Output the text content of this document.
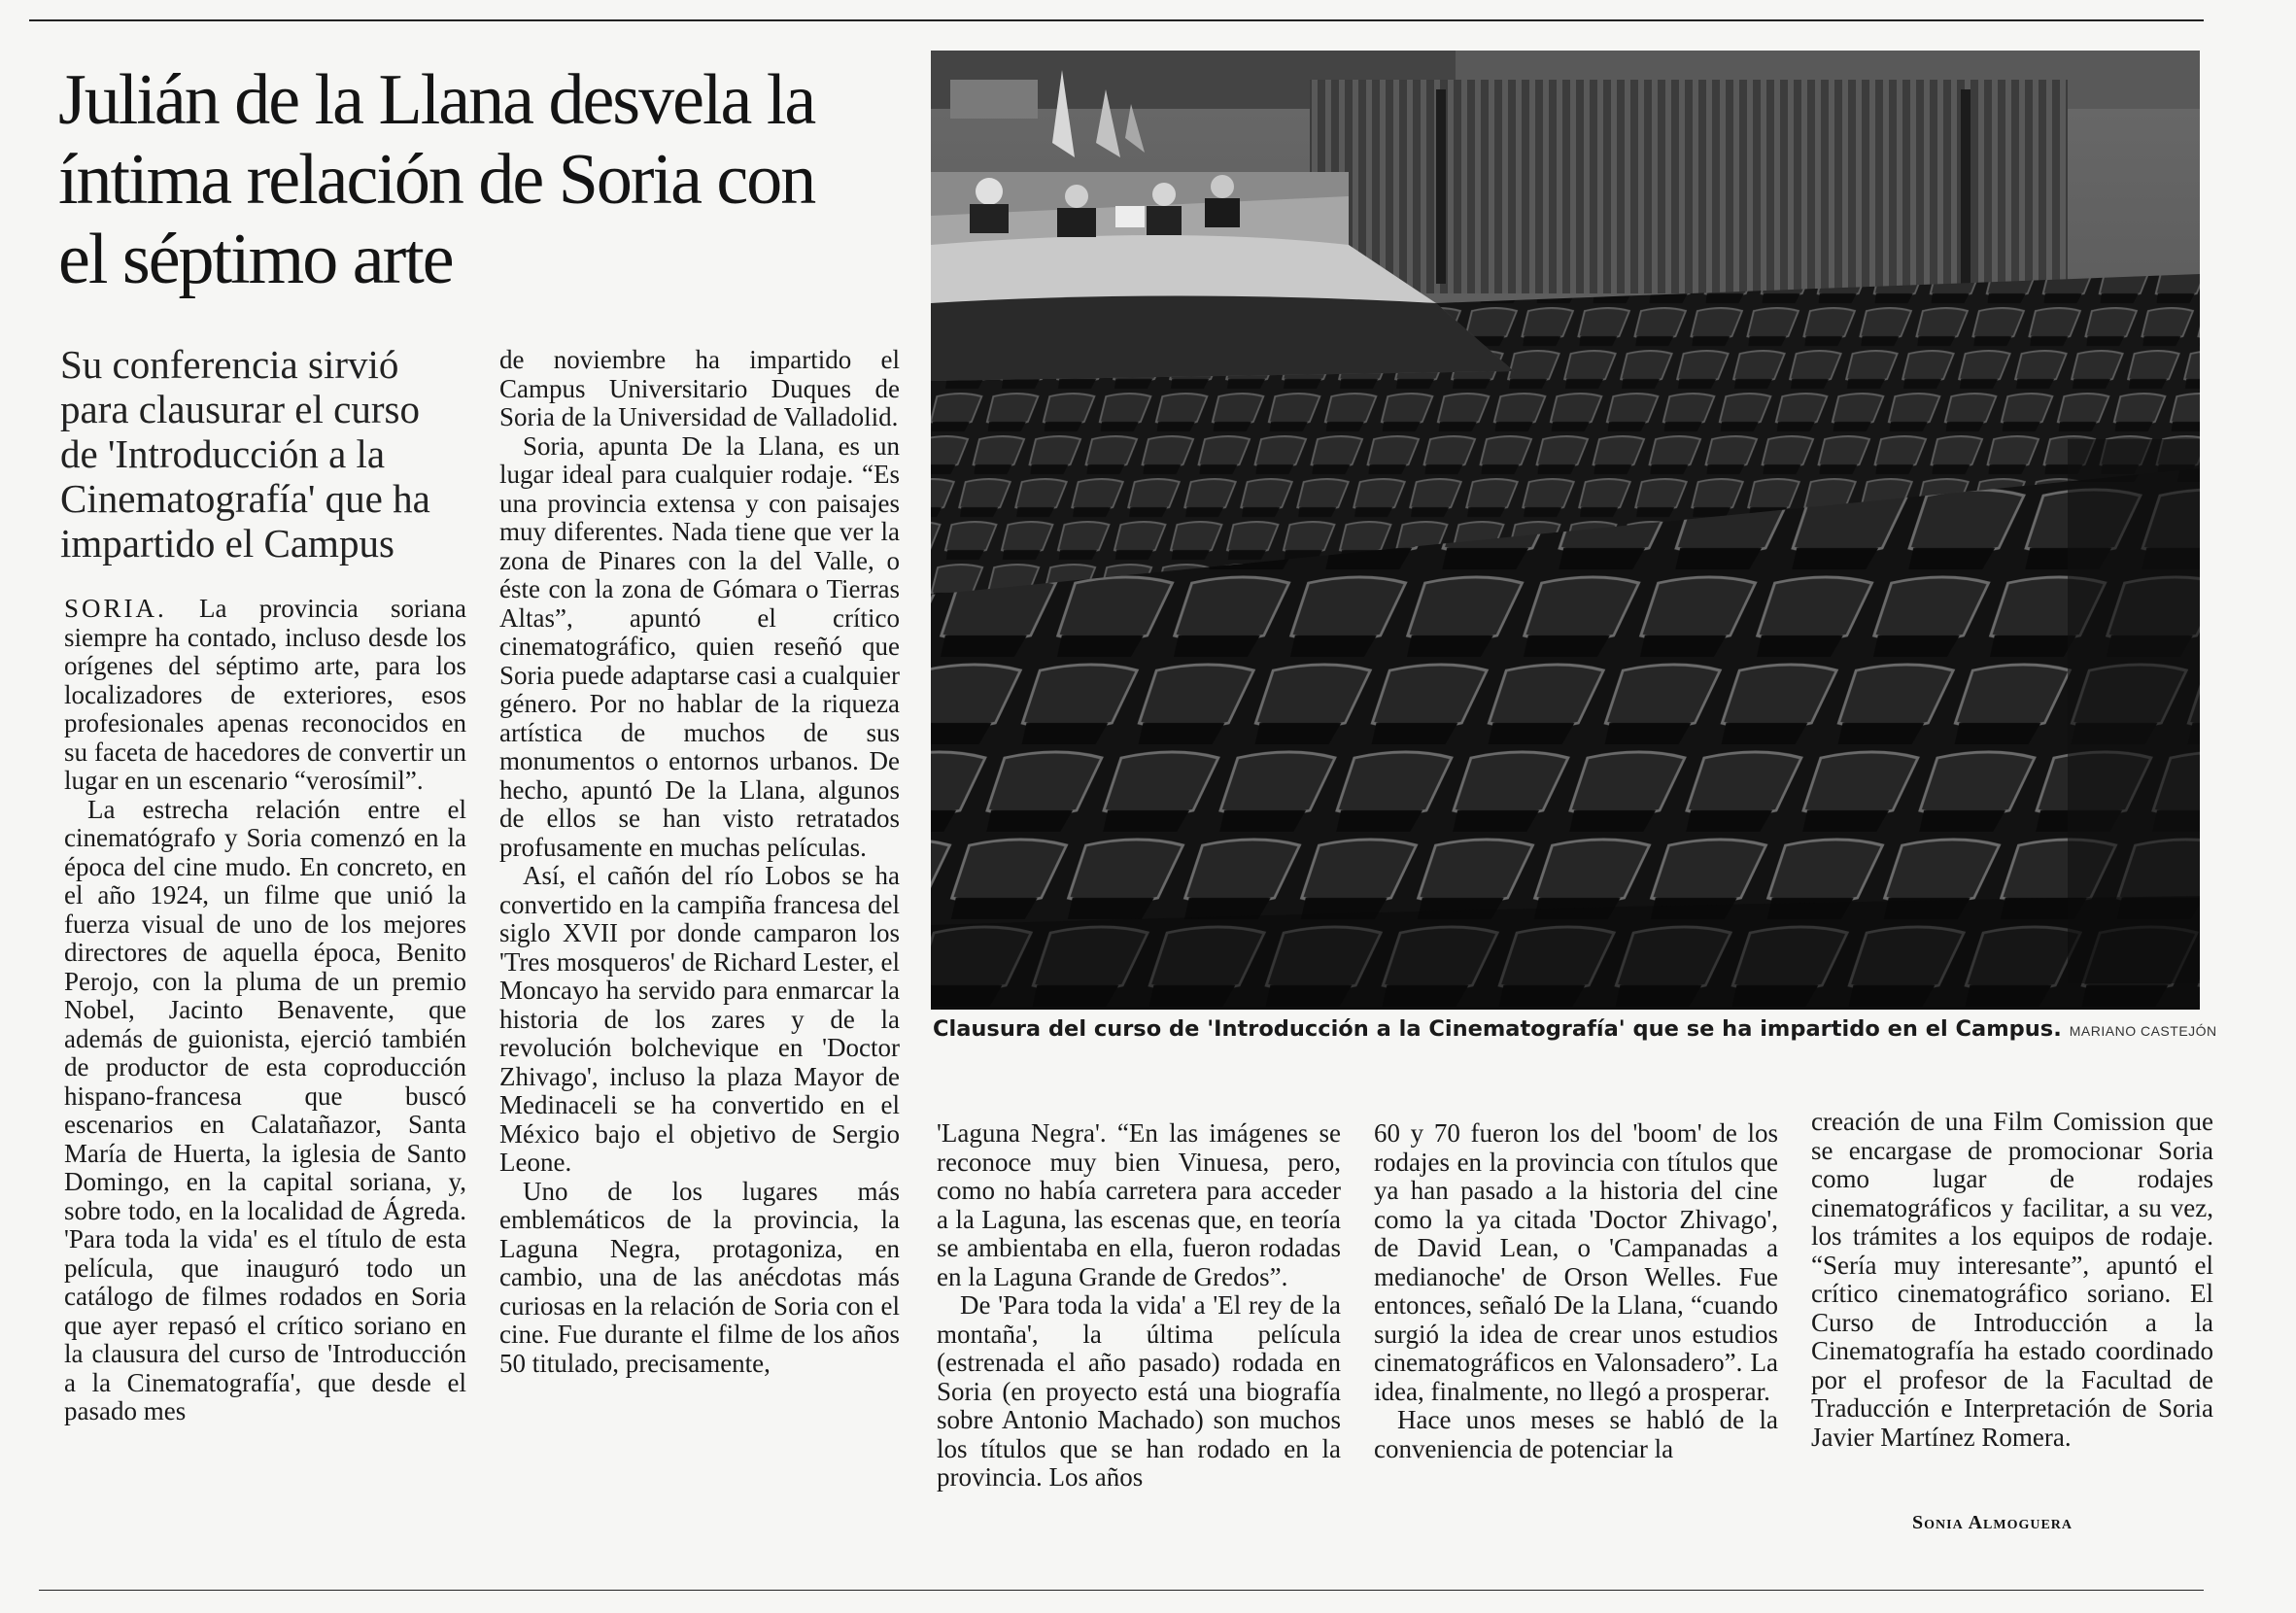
Julián de la Llana desvela la íntima relación de Soria con el séptimo arte

Su conferencia sirvió para clausurar el curso de 'Introducción a la Cinematografía' que ha impartido el Campus

SORIA. La provincia soriana siempre ha contado, incluso desde los orígenes del séptimo arte, para los localizadores de exteriores, esos profesionales apenas reconocidos en su faceta de hacedores de convertir un lugar en un escenario “verosímil”.

La estrecha relación entre el cinematógrafo y Soria comenzó en la época del cine mudo. En concreto, en el año 1924, un filme que unió la fuerza visual de uno de los mejores directores de aquella época, Benito Perojo, con la pluma de un premio Nobel, Jacinto Benavente, que además de guionista, ejerció también de productor de esta coproducción hispano-francesa que buscó escenarios en Calatañazor, Santa María de Huerta, la iglesia de Santo Domingo, en la capital soriana, y, sobre todo, en la localidad de Ágreda. 'Para toda la vida' es el título de esta película, que inauguró todo un catálogo de filmes rodados en Soria que ayer repasó el crítico soriano en la clausura del curso de 'Introducción a la Cinematografía', que desde el pasado mes

de noviembre ha impartido el Campus Universitario Duques de Soria de la Universidad de Valladolid.

Soria, apunta De la Llana, es un lugar ideal para cualquier rodaje. “Es una provincia extensa y con paisajes muy diferentes. Nada tiene que ver la zona de Pinares con la del Valle, o éste con la zona de Gómara o Tierras Altas”, apuntó el crítico cinematográfico, quien reseñó que Soria puede adaptarse casi a cualquier género. Por no hablar de la riqueza artística de muchos de sus monumentos o entornos urbanos. De hecho, apuntó De la Llana, algunos de ellos se han visto retratados profusamente en muchas películas.

Así, el cañón del río Lobos se ha convertido en la campiña francesa del siglo XVII por donde camparon los 'Tres mosqueros' de Richard Lester, el Moncayo ha servido para enmarcar la historia de los zares y de la revolución bolchevique en 'Doctor Zhivago', incluso la plaza Mayor de Medinaceli se ha convertido en el México bajo el objetivo de Sergio Leone.

Uno de los lugares más emblemáticos de la provincia, la Laguna Negra, protagoniza, en cambio, una de las anécdotas más curiosas en la relación de Soria con el cine. Fue durante el filme de los años 50 titulado, precisamente,

Clausura del curso de 'Introducción a la Cinematografía' que se ha impartido en el Campus. MARIANO CASTEJÓN

'Laguna Negra'. “En las imágenes se reconoce muy bien Vinuesa, pero, como no había carretera para acceder a la Laguna, las escenas que, en teoría se ambientaba en ella, fueron rodadas en la Laguna Grande de Gredos”.

De 'Para toda la vida' a 'El rey de la montaña', la última película (estrenada el año pasado) rodada en Soria (en proyecto está una biografía sobre Antonio Machado) son muchos los títulos que se han rodado en la provincia. Los años

60 y 70 fueron los del 'boom' de los rodajes en la provincia con títulos que ya han pasado a la historia del cine como la ya citada 'Doctor Zhivago', de David Lean, o 'Campanadas a medianoche' de Orson Welles. Fue entonces, señaló De la Llana, “cuando surgió la idea de crear unos estudios cinematográficos en Valonsadero”. La idea, finalmente, no llegó a prosperar.

Hace unos meses se habló de la conveniencia de potenciar la

creación de una Film Comission que se encargase de promocionar Soria como lugar de rodajes cinematográficos y facilitar, a su vez, los trámites a los equipos de rodaje. “Sería muy interesante”, apuntó el crítico cinematográfico soriano. El Curso de Introducción a la Cinematografía ha estado coordinado por el profesor de la Facultad de Traducción e Interpretación de Soria Javier Martínez Romera.

Sonia Almoguera
